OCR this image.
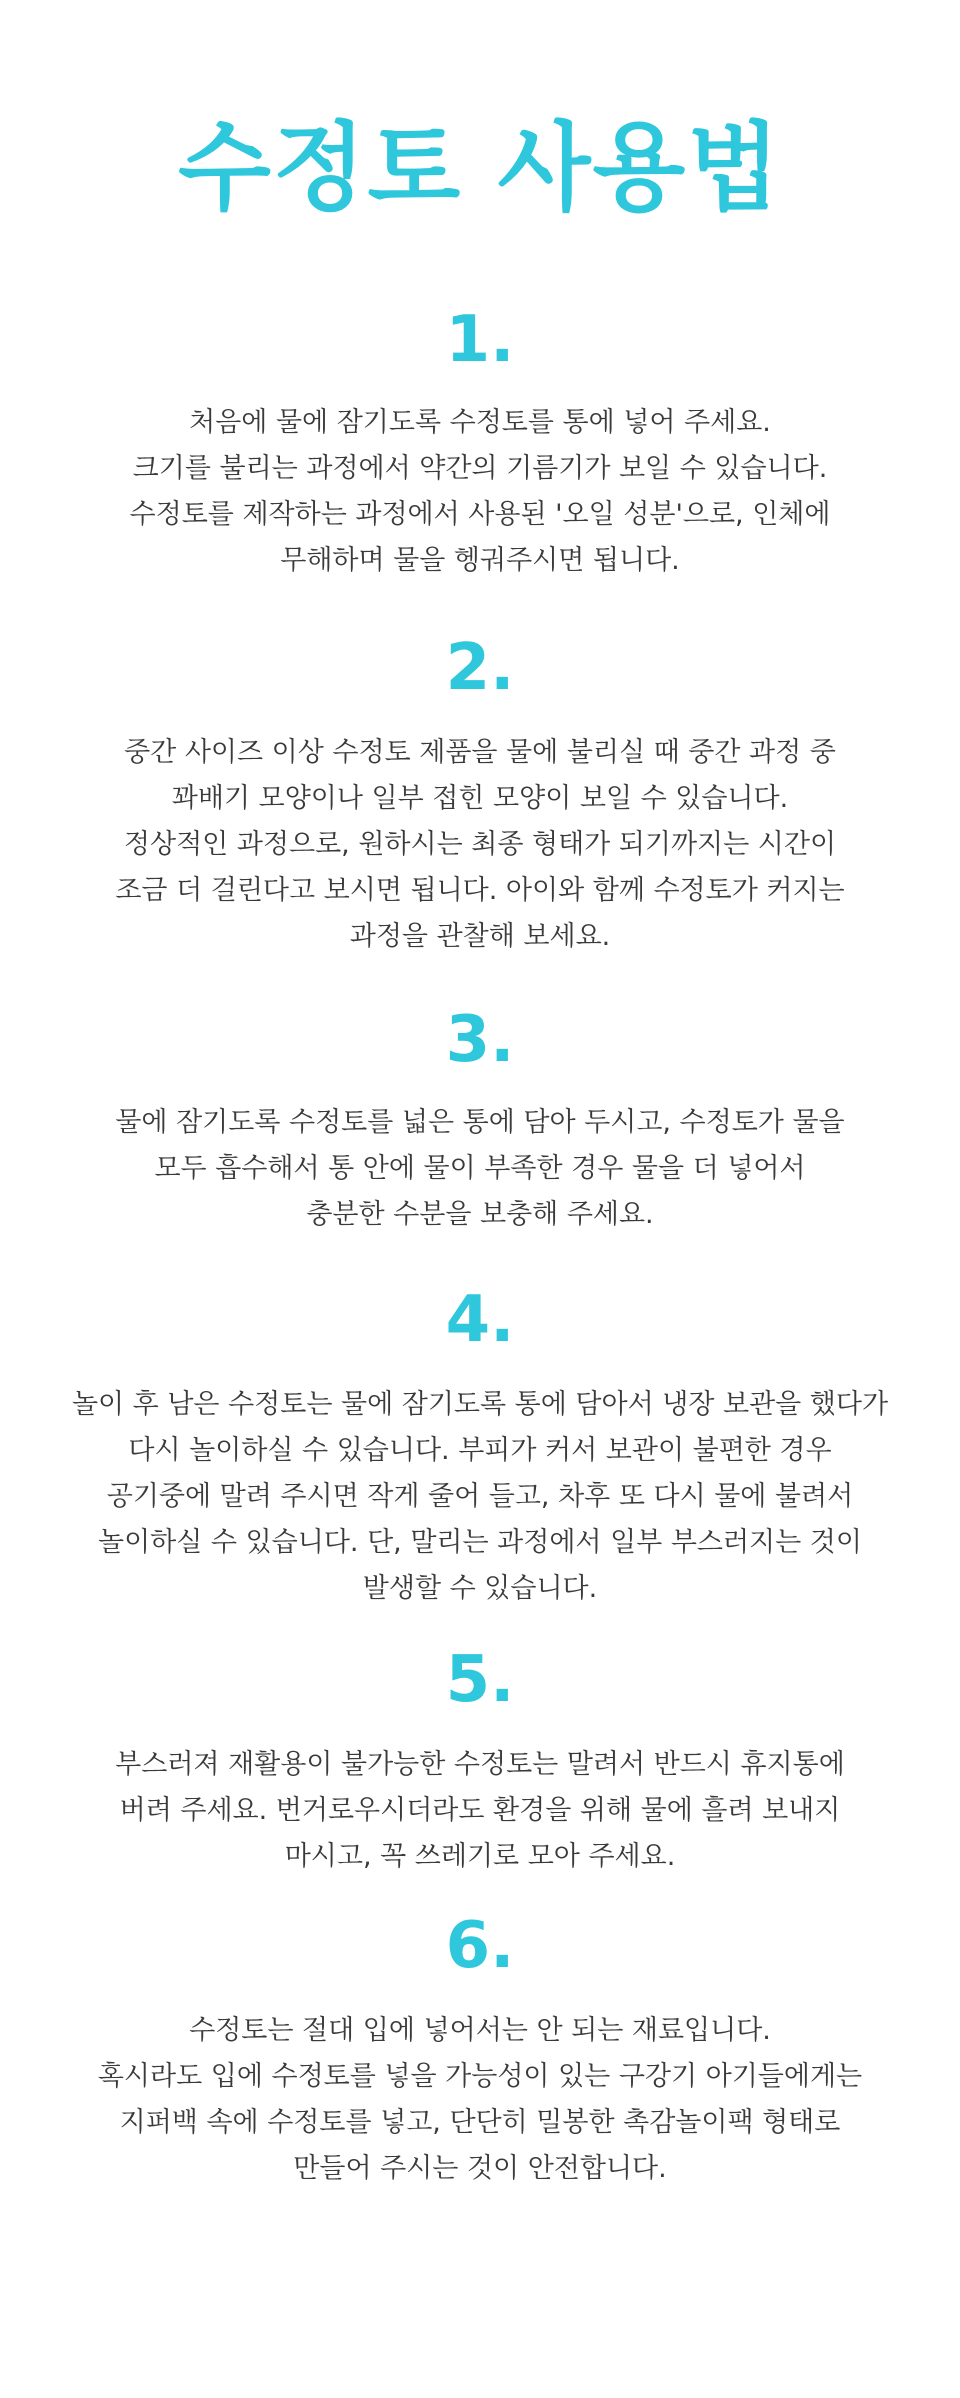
수정토 사용법
1.
처음에 물에 잠기도록 수정토를 통에 넣어 주세요.
크기를 불리는 과정에서 약간의 기름기가 보일 수 있습니다.
수정토를 제작하는 과정에서 사용된 '오일 성분'으로, 인체에
무해하며 물을 헹궈주시면 됩니다.
2.
중간 사이즈 이상 수정토 제품을 물에 불리실 때 중간 과정 중
꽈배기 모양이나 일부 접힌 모양이 보일 수 있습니다.
정상적인 과정으로, 원하시는 최종 형태가 되기까지는 시간이
조금 더 걸린다고 보시면 됩니다. 아이와 함께 수정토가 커지는
과정을 관찰해 보세요.
3.
물에 잠기도록 수정토를 넓은 통에 담아 두시고, 수정토가 물을
모두 흡수해서 통 안에 물이 부족한 경우 물을 더 넣어서
충분한 수분을 보충해 주세요.
4.
놀이 후 남은 수정토는 물에 잠기도록 통에 담아서 냉장 보관을 했다가
다시 놀이하실 수 있습니다. 부피가 커서 보관이 불편한 경우
공기중에 말려 주시면 작게 줄어 들고, 차후 또 다시 물에 불려서
놀이하실 수 있습니다. 단, 말리는 과정에서 일부 부스러지는 것이
발생할 수 있습니다.
5.
부스러져 재활용이 불가능한 수정토는 말려서 반드시 휴지통에
버려 주세요. 번거로우시더라도 환경을 위해 물에 흘려 보내지
마시고, 꼭 쓰레기로 모아 주세요.
6.
수정토는 절대 입에 넣어서는 안 되는 재료입니다.
혹시라도 입에 수정토를 넣을 가능성이 있는 구강기 아기들에게는
지퍼백 속에 수정토를 넣고, 단단히 밀봉한 촉감놀이팩 형태로
만들어 주시는 것이 안전합니다.
